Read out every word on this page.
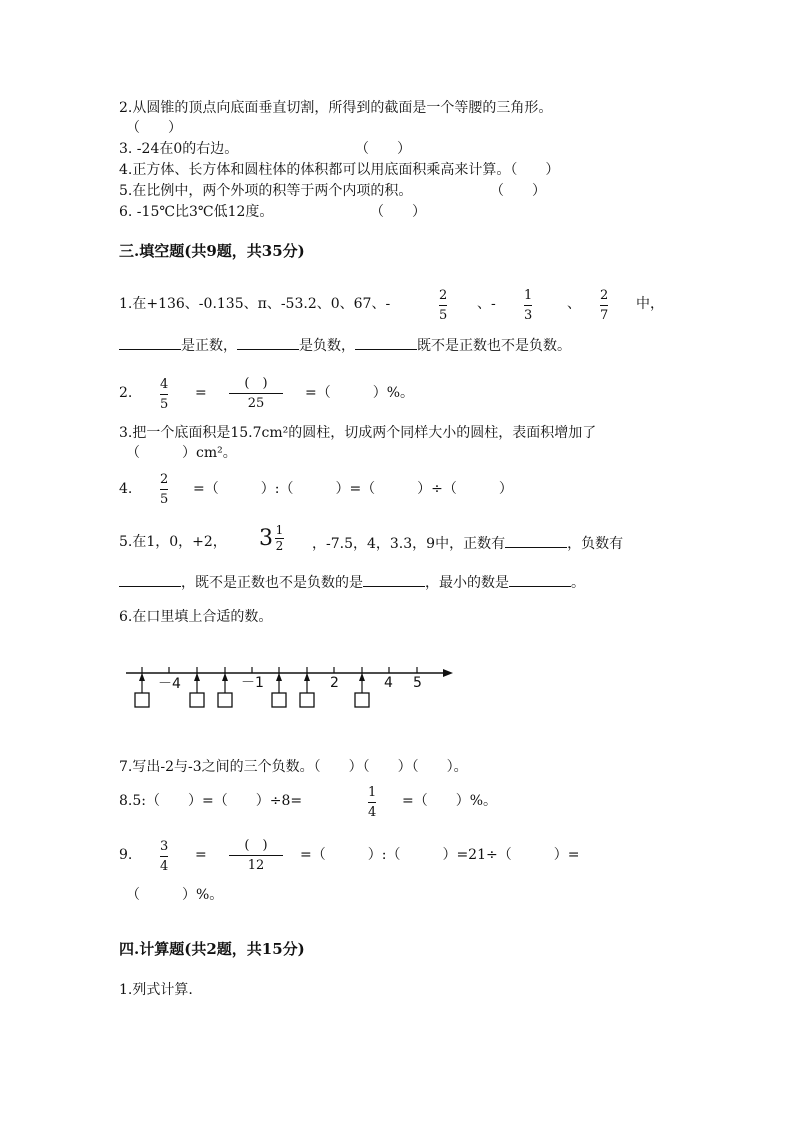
2.从圆锥的顶点向底面垂直切割，所得到的截面是一个等腰的三角形。
（　　）
3. -24在0的右边。	（　　）
4.正方体、长方体和圆柱体的体积都可以用底面积乘高来计算。（　　）
5.在比例中，两个外项的积等于两个内项的积。	（　　）
6. -15℃比3℃低12度。	（　　）
三.填空题(共9题，共35分)
1.在+136、-0.135、π、-53.2、0、67、-
2
5
、-
1
3
、
2
7
中，
是正数，	是负数，	既不是正数也不是负数。
2.
4
5
=
(　)
25
=（　　　）%。
3.把一个底面积是15.7cm²的圆柱，切成两个同样大小的圆柱，表面积增加了
（　　　）cm²。
4.
2
5
=（　　　）:（　　　）=（　　　）÷（　　　）
5.在1，0，+2， 3 1
2 ，-7.5，4，3.3，9中，正数有	，负数有
，既不是正数也不是负数的是	，最小的数是	。
6.在口里填上合适的数。
－4	－1	2	4 5
7.写出-2与-3之间的三个负数。（　　）（　　）（　　）。
8.5:（　　）=（　　）÷8=
1
4
=（　　）%。
9.
3
4
=
(　)
12
=（　　　）:（　　　）=21÷（　　　）=
（　　　）%。
四.计算题(共2题，共15分)
1.列式计算.
